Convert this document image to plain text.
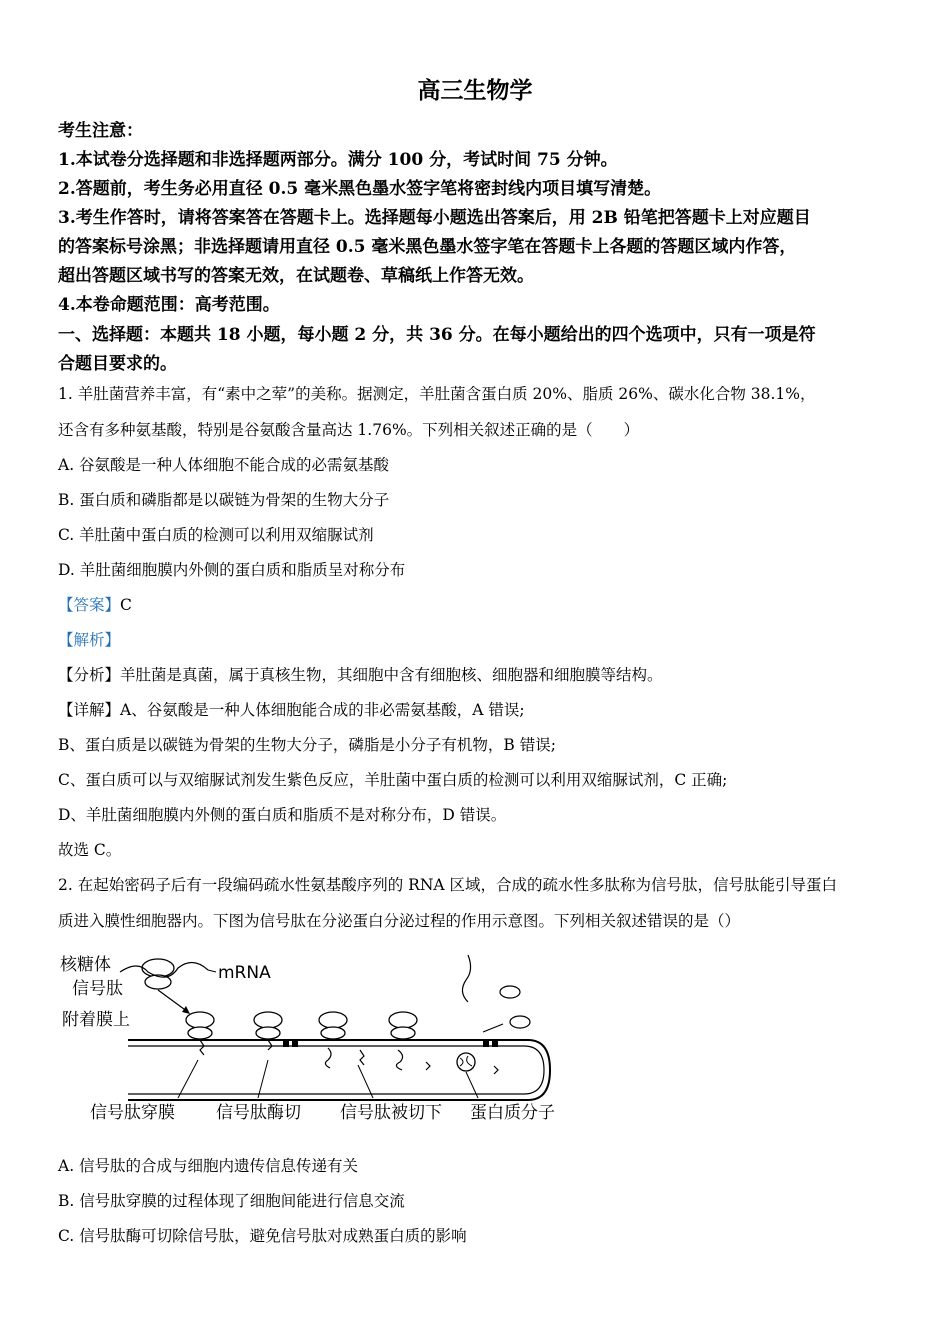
高三生物学
考生注意：
1.本试卷分选择题和非选择题两部分。满分 100 分，考试时间 75 分钟。
2.答题前，考生务必用直径 0.5 毫米黑色墨水签字笔将密封线内项目填写清楚。
3.考生作答时，请将答案答在答题卡上。选择题每小题选出答案后，用 2B 铅笔把答题卡上对应题目
的答案标号涂黑；非选择题请用直径 0.5 毫米黑色墨水签字笔在答题卡上各题的答题区域内作答，
超出答题区域书写的答案无效，在试题卷、草稿纸上作答无效。
4.本卷命题范围：高考范围。
一、选择题：本题共 18 小题，每小题 2 分，共 36 分。在每小题给出的四个选项中，只有一项是符
合题目要求的。
1. 羊肚菌营养丰富，有“素中之荤”的美称。据测定，羊肚菌含蛋白质 20%、脂质 26%、碳水化合物 38.1%，
还含有多种氨基酸，特别是谷氨酸含量高达 1.76%。下列相关叙述正确的是（　　）
A. 谷氨酸是一种人体细胞不能合成的必需氨基酸
B. 蛋白质和磷脂都是以碳链为骨架的生物大分子
C. 羊肚菌中蛋白质的检测可以利用双缩脲试剂
D. 羊肚菌细胞膜内外侧的蛋白质和脂质呈对称分布
【答案】C
【解析】
【分析】羊肚菌是真菌，属于真核生物，其细胞中含有细胞核、细胞器和细胞膜等结构。
【详解】A、谷氨酸是一种人体细胞能合成的非必需氨基酸，A 错误;
B、蛋白质是以碳链为骨架的生物大分子，磷脂是小分子有机物，B 错误;
C、蛋白质可以与双缩脲试剂发生紫色反应，羊肚菌中蛋白质的检测可以利用双缩脲试剂，C 正确;
D、羊肚菌细胞膜内外侧的蛋白质和脂质不是对称分布，D 错误。
故选 C。
2. 在起始密码子后有一段编码疏水性氨基酸序列的 RNA 区域，合成的疏水性多肽称为信号肽，信号肽能引导蛋白
质进入膜性细胞器内。下图为信号肽在分泌蛋白分泌过程的作用示意图。下列相关叙述错误的是（）
核糖体	mRNA
信号肽
附着膜上
信号肽穿膜 信号肽酶切 信号肽被切下 蛋白质分子
A. 信号肽的合成与细胞内遗传信息传递有关
B. 信号肽穿膜的过程体现了细胞间能进行信息交流
C. 信号肽酶可切除信号肽，避免信号肽对成熟蛋白质的影响
